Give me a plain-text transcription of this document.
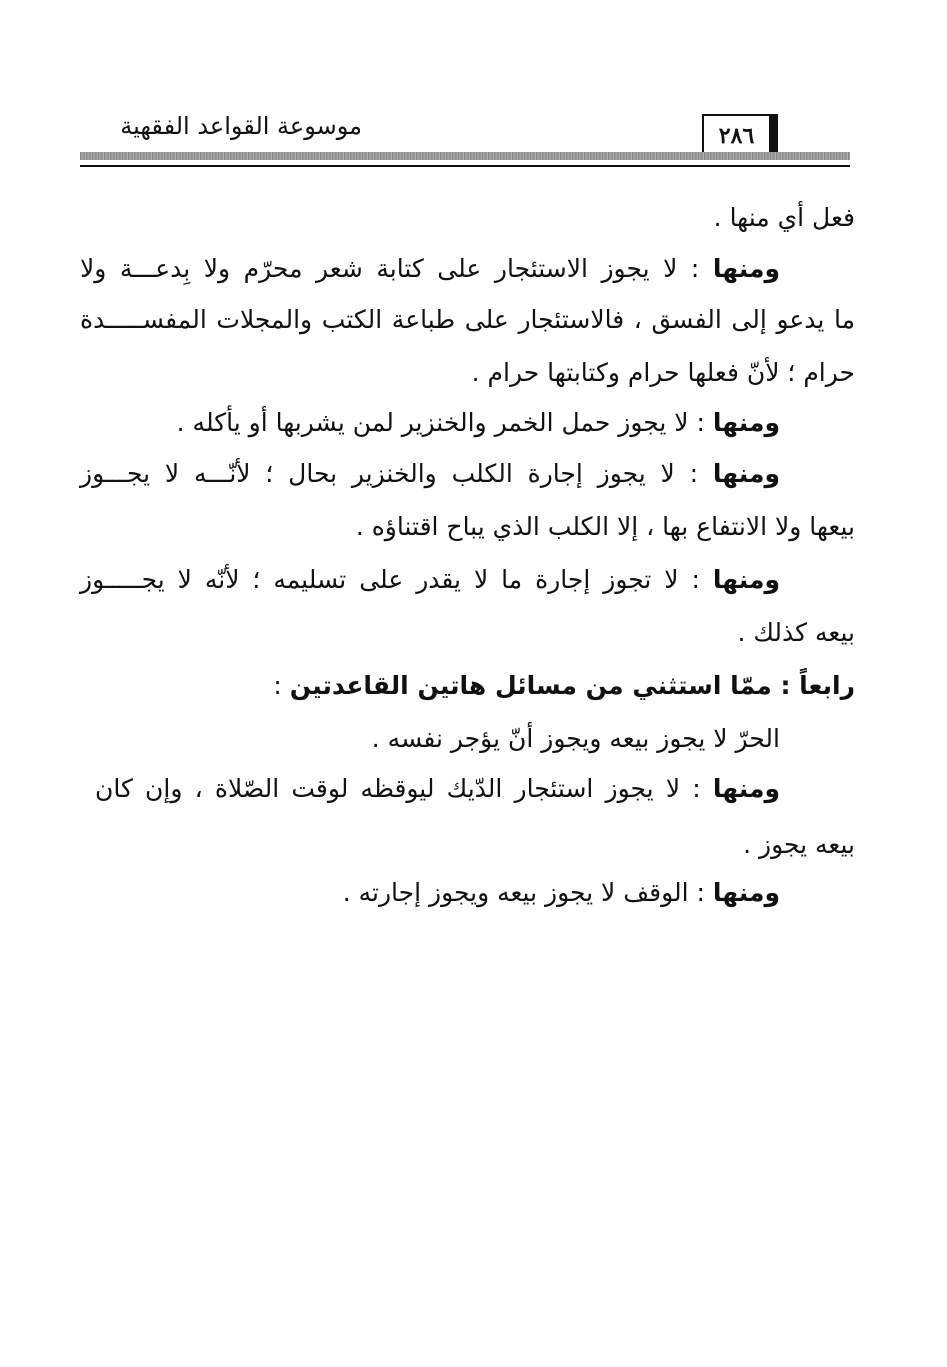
موسوعة القواعد الفقهية	٢٨٦
فعل أي منها .
ومنها : لا يجوز الاستئجار على كتابة شعر محرّم ولا بِدعـــة ولا
ما يدعو إلى الفسق ، فالاستئجار على طباعة الكتب والمجلات المفســـــدة
حرام ؛ لأنّ فعلها حرام وكتابتها حرام .
ومنها : لا يجوز حمل الخمر والخنزير لمن يشربها أو يأكله .
ومنها : لا يجوز إجارة الكلب والخنزير بحال ؛ لأنّـــه لا يجـــوز
بيعها ولا الانتفاع بها ، إلا الكلب الذي يباح اقتناؤه .
ومنها : لا تجوز إجارة ما لا يقدر على تسليمه ؛ لأنّه لا يجـــــوز
بيعه كذلك .
رابعاً : ممّا استثني من مسائل هاتين القاعدتين :
الحرّ لا يجوز بيعه ويجوز أنّ يؤجر نفسه .
ومنها : لا يجوز استئجار الدّيك ليوقظه لوقت الصّلاة ، وإن كان
بيعه يجوز .
ومنها : الوقف لا يجوز بيعه ويجوز إجارته .
